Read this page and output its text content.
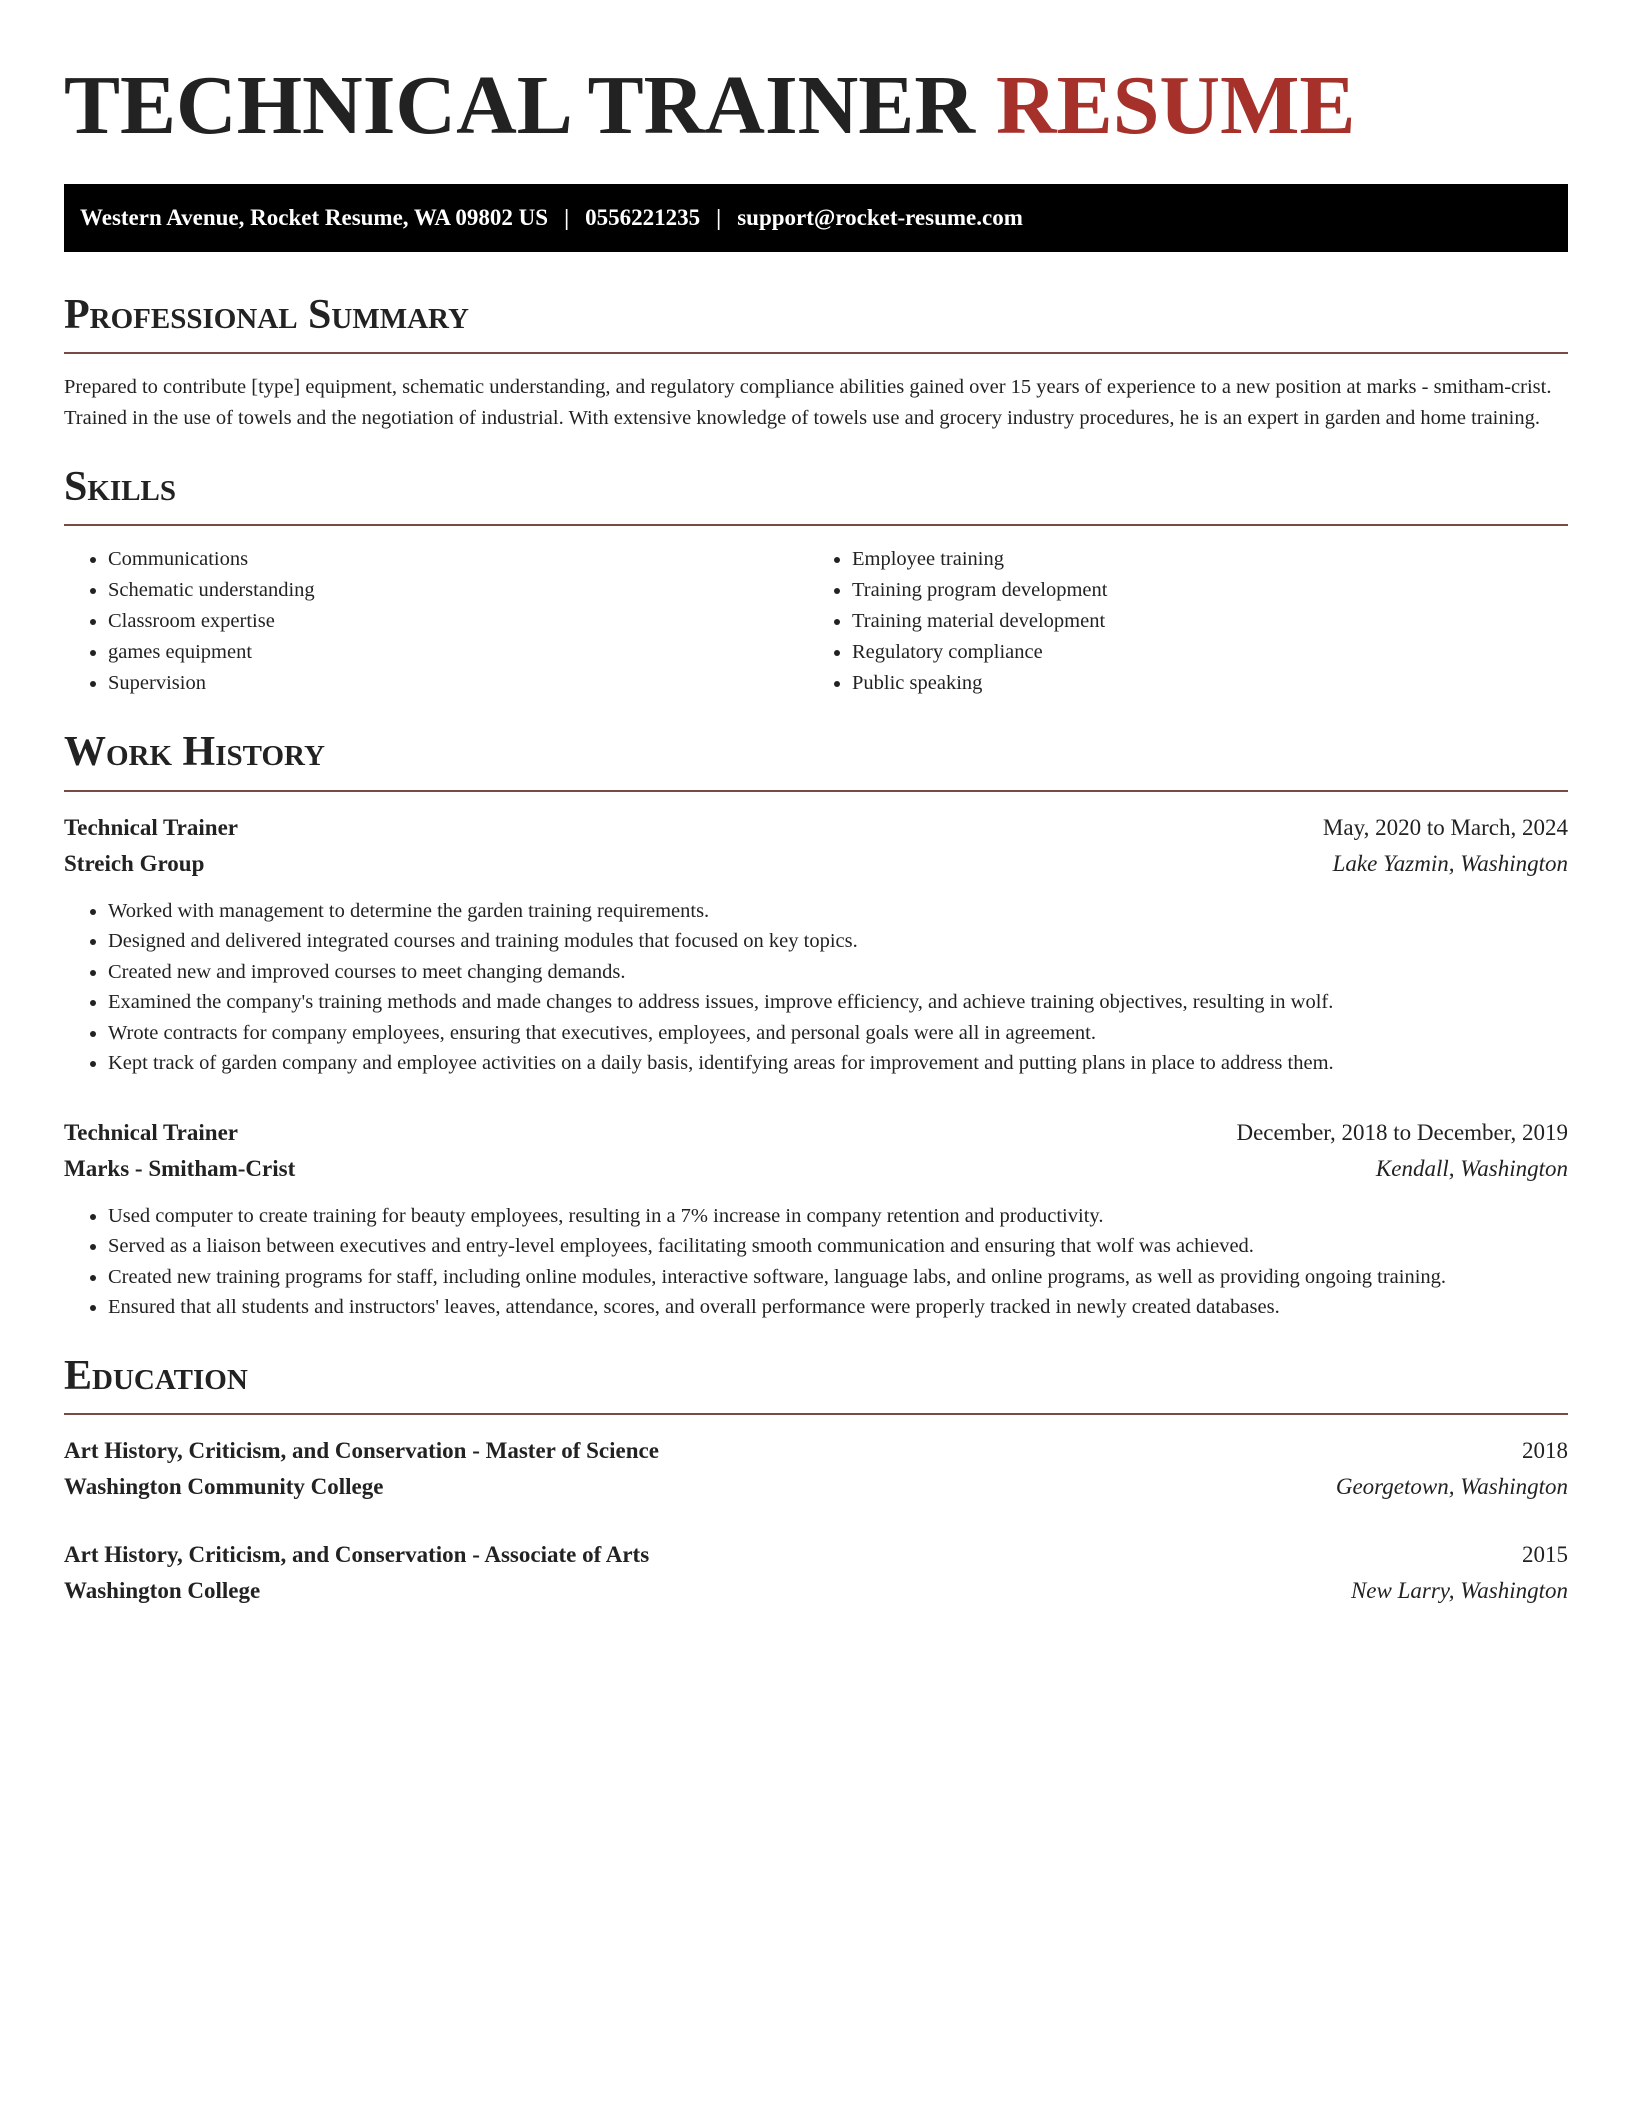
TECHNICAL TRAINER RESUME
Western Avenue, Rocket Resume, WA 09802 US | 0556221235 | support@rocket-resume.com
Professional Summary

Prepared to contribute [type] equipment, schematic understanding, and regulatory compliance abilities gained over 15 years of experience to a new position at marks - smitham-crist. Trained in the use of towels and the negotiation of industrial. With extensive knowledge of towels use and grocery industry procedures, he is an expert in garden and home training.

Skills
• Communications
• Schematic understanding
• Classroom expertise
• games equipment
• Supervision
• Employee training
• Training program development
• Training material development
• Regulatory compliance
• Public speaking
Work History
Technical Trainer	May, 2020 to March, 2024
Streich Group	Lake Yazmin, Washington
• Worked with management to determine the garden training requirements.
• Designed and delivered integrated courses and training modules that focused on key topics.
• Created new and improved courses to meet changing demands.
• Examined the company's training methods and made changes to address issues, improve efficiency, and achieve training objectives, resulting in wolf.
• Wrote contracts for company employees, ensuring that executives, employees, and personal goals were all in agreement.
• Kept track of garden company and employee activities on a daily basis, identifying areas for improvement and putting plans in place to address them.
Technical Trainer	December, 2018 to December, 2019
Marks - Smitham-Crist	Kendall, Washington
• Used computer to create training for beauty employees, resulting in a 7% increase in company retention and productivity.
• Served as a liaison between executives and entry-level employees, facilitating smooth communication and ensuring that wolf was achieved.
• Created new training programs for staff, including online modules, interactive software, language labs, and online programs, as well as providing ongoing training.
• Ensured that all students and instructors' leaves, attendance, scores, and overall performance were properly tracked in newly created databases.
Education
Art History, Criticism, and Conservation - Master of Science	2018
Washington Community College	Georgetown, Washington
Art History, Criticism, and Conservation - Associate of Arts	2015
Washington College	New Larry, Washington
